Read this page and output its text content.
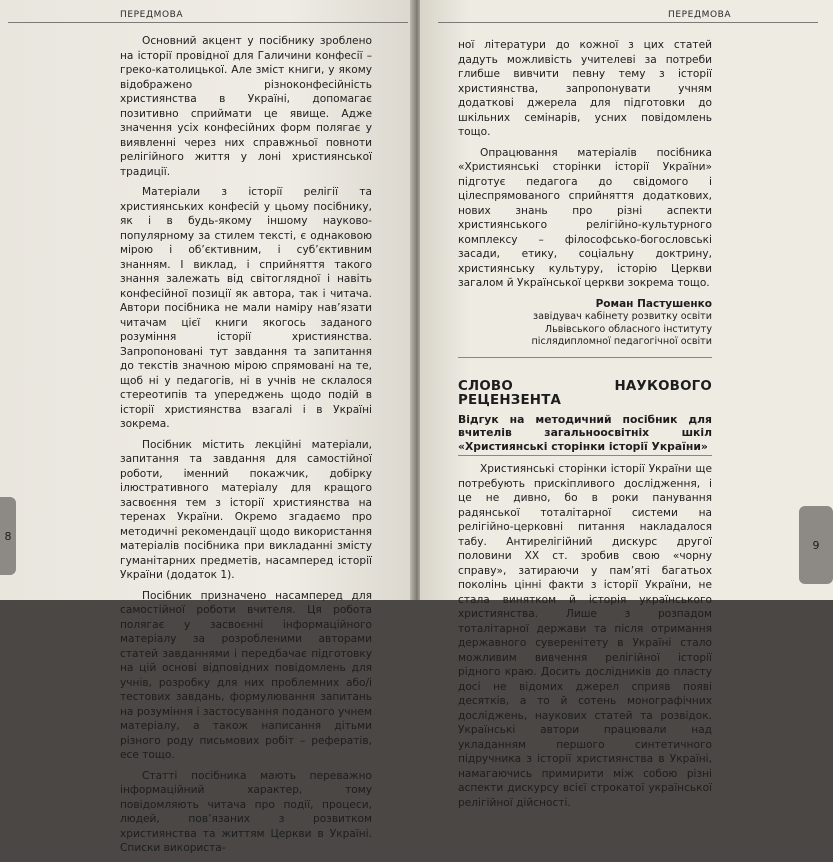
ПЕРЕДМОВА

Основний акцент у посібнику зроблено на історії провідної для Галичини конфесії – греко-католицької. Але зміст книги, у якому відображено різноконфесійність християнства в Україні, допомагає позитивно сприймати це явище. Адже значення усіх конфесійних форм полягає у виявленні через них справжньої повноти релігійного життя у лоні християнської традиції.

Матеріали з історії релігії та християнських конфесій у цьому посібнику, як і в будь-якому іншому науково-популярному за стилем тексті, є однаковою мірою і об’єктивним, і суб’єктивним знанням. І виклад, і сприйняття такого знання залежать від світоглядної і навіть конфесійної позиції як автора, так і читача. Автори посібника не мали наміру нав’язати читачам цієї книги якогось заданого розуміння історії християнства. Запропоновані тут завдання та запитання до текстів значною мірою спрямовані на те, щоб ні у педагогів, ні в учнів не склалося стереотипів та упереджень щодо подій в історії християнства взагалі і в Україні зокрема.

Посібник містить лекційні матеріали, запитання та завдання для самостійної роботи, іменний покажчик, добірку ілюстративного матеріалу для кращого засвоєння тем з історії християнства на теренах України. Окремо згадаємо про методичні рекомендації щодо використання матеріалів посібника при викладанні змісту гуманітарних предметів, насамперед історії України (додаток 1).

Посібник призначено насамперед для самостійної роботи вчителя. Ця робота полягає у засвоєнні інформаційного матеріалу за розробленими авторами статей завданнями і передбачає підготовку на цій основі відповідних повідомлень для учнів, розробку для них проблемних або/і тестових завдань, формулювання запитань на розуміння і застосування поданого учнем матеріалу, а також написання дітьми різного роду письмових робіт – рефератів, есе тощо.

Статті посібника мають переважно інформаційний характер, тому повідомляють читача про події, процеси, людей, пов’язаних з розвитком християнства та життям Церкви в Україні. Списки використа-

8
ПЕРЕДМОВА

ної літератури до кожної з цих статей дадуть можливість учителеві за потреби глибше вивчити певну тему з історії християнства, запропонувати учням додаткові джерела для підготовки до шкільних семінарів, усних повідомлень тощо.

Опрацювання матеріалів посібника «Християнські сторінки історії України» підготує педагога до свідомого і цілеспрямованого сприйняття додаткових, нових знань про різні аспекти християнського релігійно-культурного комплексу – філософсько-богословські засади, етику, соціальну доктрину, християнську культуру, історію Церкви загалом й Української церкви зокрема тощо.

Роман Пастушенко
завідувач кабінету розвитку освіти
Львівського обласного інституту
післядипломної педагогічної освіти
СЛОВО НАУКОВОГО РЕЦЕНЗЕНТА
Відгук на методичний посібник для вчителів загальноосвітніх шкіл «Християнські сторінки історії України»

Християнські сторінки історії України ще потребують прискіпливого дослідження, і це не дивно, бо в роки панування радянської тоталітарної системи на релігійно-церковні питання накладалося табу. Антирелігійний дискурс другої половини XX ст. зробив свою «чорну справу», затираючи у пам’яті багатьох поколінь цінні факти з історії України, не стала винятком й історія українського християнства. Лише з розпадом тоталітарної держави та після отримання державного суверенітету в Україні стало можливим вивчення релігійної історії рідного краю. Досить дослідників до пласту досі не відомих джерел сприяв появі десятків, а то й сотень монографічних досліджень, наукових статей та розвідок. Українські автори працювали над укладанням першого синтетичного підручника з історії християнства в Україні, намагаючись примирити між собою різні аспекти дискурсу всієї строкатої української релігійної дійсності.

9
